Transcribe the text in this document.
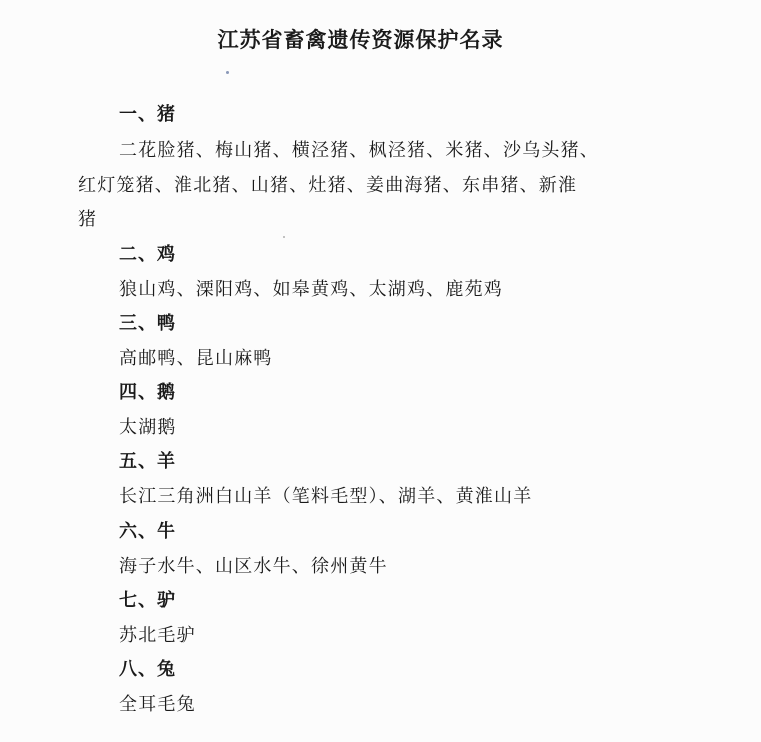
江苏省畜禽遗传资源保护名录
一、猪
二花脸猪、梅山猪、横泾猪、枫泾猪、米猪、沙乌头猪、
红灯笼猪、淮北猪、山猪、灶猪、姜曲海猪、东串猪、新淮
猪
二、鸡
狼山鸡、溧阳鸡、如皋黄鸡、太湖鸡、鹿苑鸡
三、鸭
高邮鸭、昆山麻鸭
四、鹅
太湖鹅
五、羊
长江三角洲白山羊（笔料毛型）、湖羊、黄淮山羊
六、牛
海子水牛、山区水牛、徐州黄牛
七、驴
苏北毛驴
八、兔
全耳毛兔
